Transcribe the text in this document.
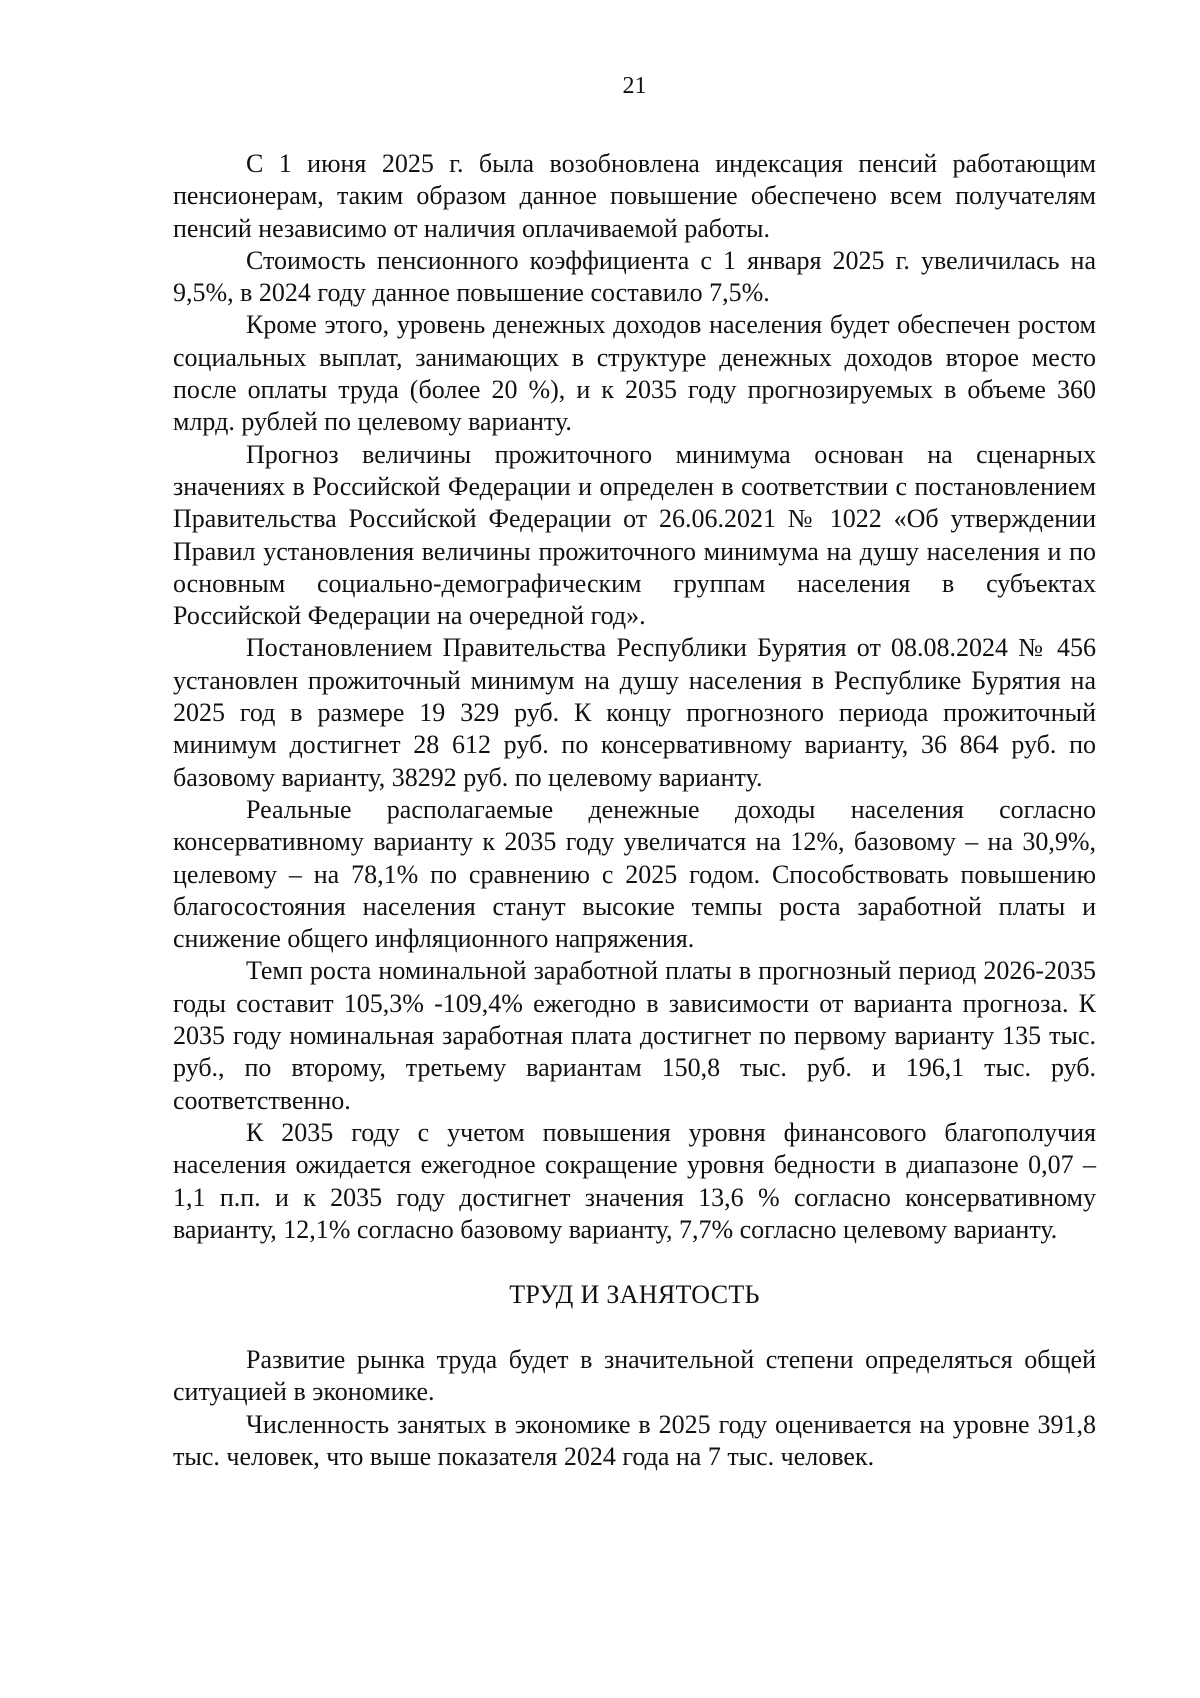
21

С 1 июня 2025 г. была возобновлена индексация пенсий работающим пенсионерам, таким образом данное повышение обеспечено всем получателям пенсий независимо от наличия оплачиваемой работы.

Стоимость пенсионного коэффициента с 1 января 2025 г. увеличилась на 9,5%, в 2024 году данное повышение составило 7,5%.

Кроме этого, уровень денежных доходов населения будет обеспечен ростом социальных выплат, занимающих в структуре денежных доходов второе место после оплаты труда (более 20 %), и к 2035 году прогнозируемых в объеме 360 млрд. рублей по целевому варианту.

Прогноз величины прожиточного минимума основан на сценарных значениях в Российской Федерации и определен в соответствии с постановлением Правительства Российской Федерации от 26.06.2021 № 1022 «Об утверждении Правил установления величины прожиточного минимума на душу населения и по основным социально-демографическим группам населения в субъектах Российской Федерации на очередной год».

Постановлением Правительства Республики Бурятия от 08.08.2024 № 456 установлен прожиточный минимум на душу населения в Республике Бурятия на 2025 год в размере 19 329 руб. К концу прогнозного периода прожиточный минимум достигнет 28 612 руб. по консервативному варианту, 36 864 руб. по базовому варианту, 38292 руб. по целевому варианту.

Реальные располагаемые денежные доходы населения согласно консервативному варианту к 2035 году увеличатся на 12%, базовому – на 30,9%, целевому – на 78,1% по сравнению с 2025 годом. Способствовать повышению благосостояния населения станут высокие темпы роста заработной платы и снижение общего инфляционного напряжения.

Темп роста номинальной заработной платы в прогнозный период 2026-2035 годы составит 105,3% -109,4% ежегодно в зависимости от варианта прогноза. К 2035 году номинальная заработная плата достигнет по первому варианту 135 тыс. руб., по второму, третьему вариантам 150,8 тыс. руб. и 196,1 тыс. руб. соответственно.

К 2035 году с учетом повышения уровня финансового благополучия населения ожидается ежегодное сокращение уровня бедности в диапазоне 0,07 – 1,1 п.п. и к 2035 году достигнет значения 13,6 % согласно консервативному варианту, 12,1% согласно базовому варианту, 7,7% согласно целевому варианту.

ТРУД И ЗАНЯТОСТЬ

Развитие рынка труда будет в значительной степени определяться общей ситуацией в экономике.

Численность занятых в экономике в 2025 году оценивается на уровне 391,8 тыс. человек, что выше показателя 2024 года на 7 тыс. человек.
